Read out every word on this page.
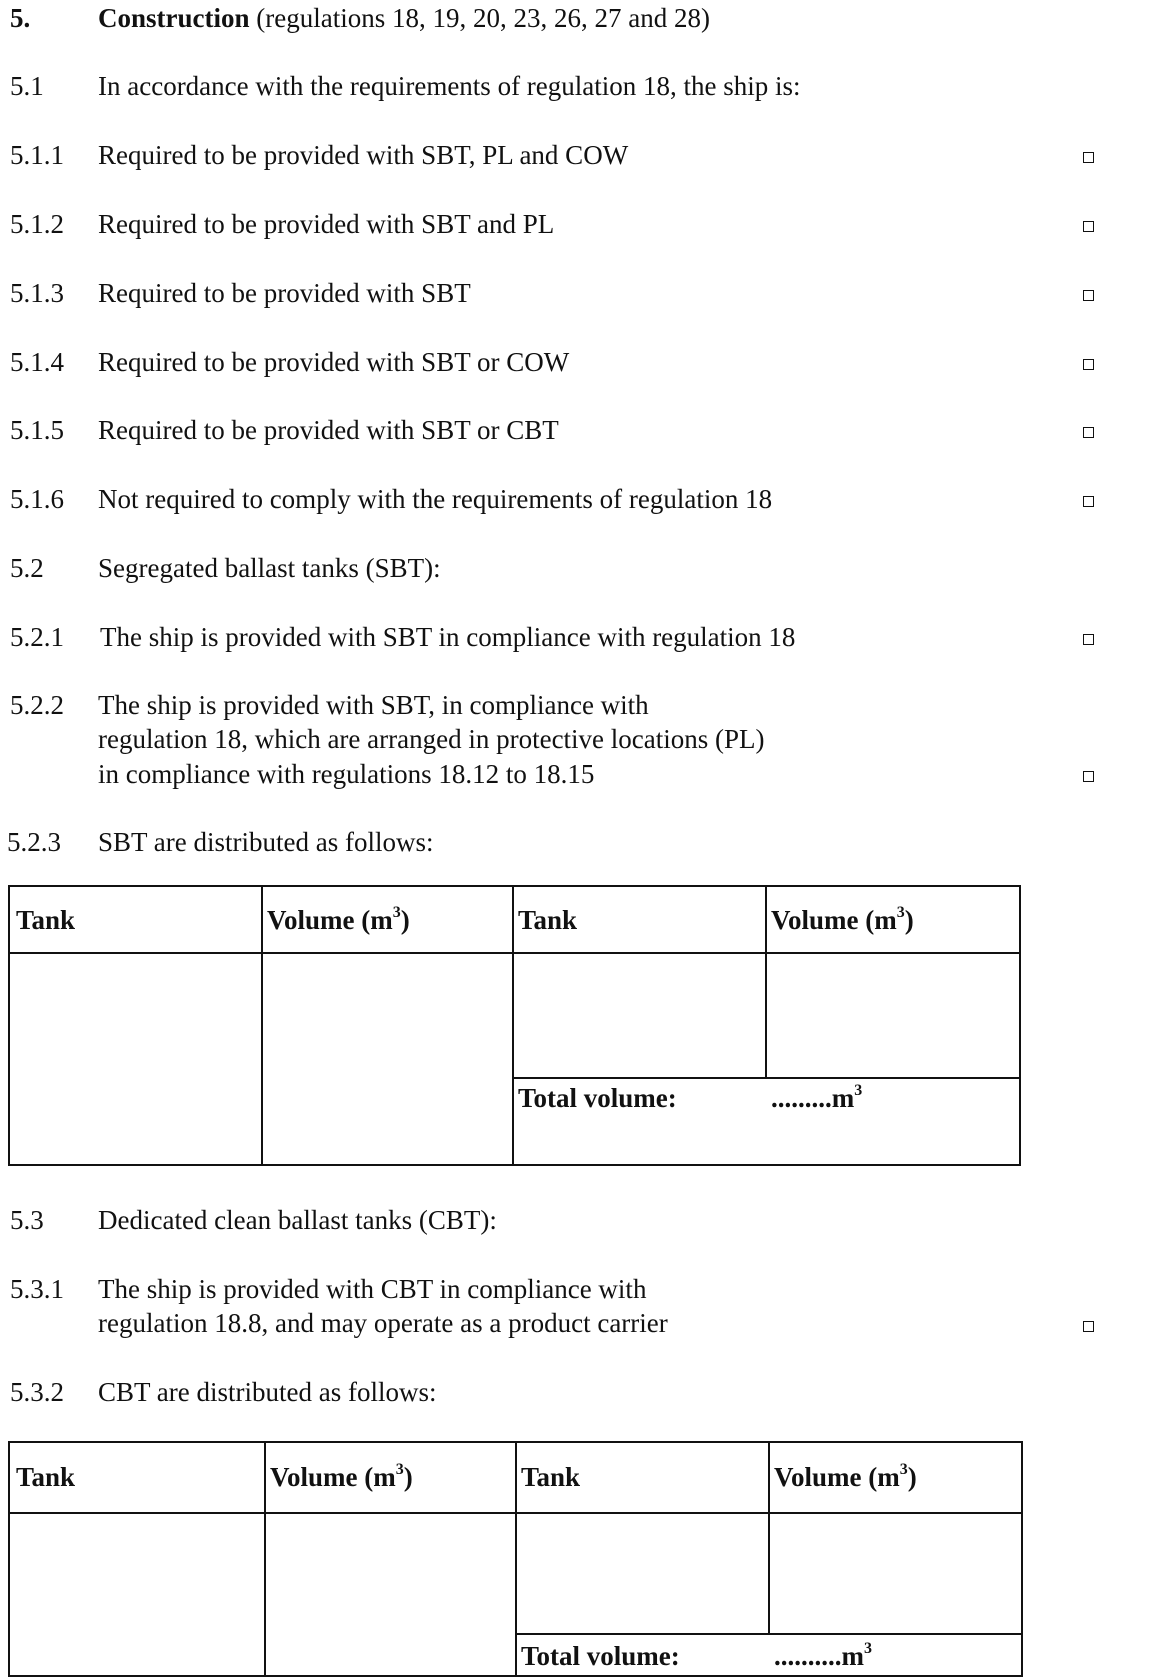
5.	Construction (regulations 18, 19, 20, 23, 26, 27 and 28)
5.1 In accordance with the requirements of regulation 18, the ship is:
5.1.1 Required to be provided with SBT, PL and COW
5.1.2 Required to be provided with SBT and PL
5.1.3 Required to be provided with SBT
5.1.4 Required to be provided with SBT or COW
5.1.5 Required to be provided with SBT or CBT
5.1.6 Not required to comply with the requirements of regulation 18
5.2 Segregated ballast tanks (SBT):
5.2.1 The ship is provided with SBT in compliance with regulation 18
5.2.2 The ship is provided with SBT, in compliance with
regulation 18, which are arranged in protective locations (PL)
in compliance with regulations 18.12 to 18.15
5.2.3 SBT are distributed as follows:
Tank	Volume $(m^3)$	Tank	Volume $(m^3)$
Total volume:	$.........m^3$
5.3 Dedicated clean ballast tanks (CBT):
5.3.1 The ship is provided with CBT in compliance with
regulation 18.8, and may operate as a product carrier
5.3.2 CBT are distributed as follows:
Tank	Volume $(m^3)$	Tank	Volume $(m^3)$
Total volume:	$..........m^3$
